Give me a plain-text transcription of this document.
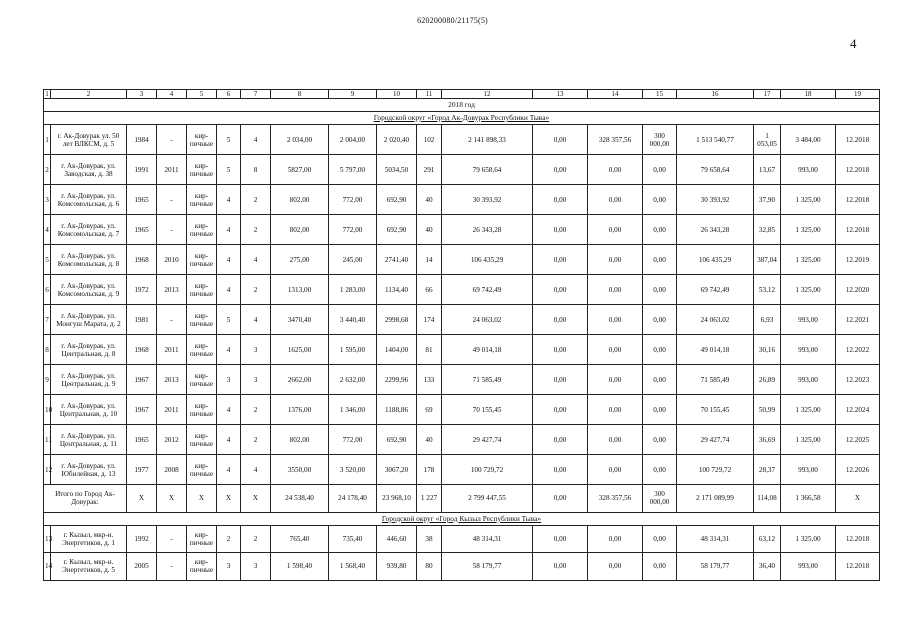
620200080/21175(5)
4
1	2	3	4	5	6	7	8	9	10	11	12	13	14	15	16	17	18	19
2018 год																		
Городской округ «Город Ак-Довурак Республики Тыва»																		
1	г. Ак-Довурак ул. 50 лет ВЛКСМ, д. 5	1984	-	кир-пичные	5	4	2 034,00	2 004,00	2 020,40	102	2 141 898,33	0,00	328 357,56	300 000,00	1 513 540,77	1 053,05	3 484,00	12.2018
2	г. Ак-Довурак, ул. Заводская, д. 38	1991	2011	кир-пичные	5	8	5827,00	5 797,00	5034,50	291	79 658,64	0,00	0,00	0,00	79 658,64	13,67	993,00	12.2018
3	г. Ак-Довурак, ул. Комсомольская, д. 6	1965	-	кир-пичные	4	2	802,00	772,00	692,90	40	30 393,92	0,00	0,00	0,00	30 393,92	37,90	1 325,00	12.2018
4	г. Ак-Довурак, ул. Комсомольская, д. 7	1965	-	кир-пичные	4	2	802,00	772,00	692,90	40	26 343,28	0,00	0,00	0,00	26 343,28	32,85	1 325,00	12.2018
5	г. Ак-Довурак, ул. Комсомольская, д. 8	1968	2010	кир-пичные	4	4	275,00	245,00	2741,40	14	106 435,29	0,00	0,00	0,00	106 435,29	387,04	1 325,00	12.2019
6	г. Ак-Довурак, ул. Комсомольская, д. 9	1972	2013	кир-пичные	4	2	1313,00	1 283,00	1134,40	66	69 742,49	0,00	0,00	0,00	69 742,49	53,12	1 325,00	12.2020
7	г. Ак-Довурак, ул. Монгуш Марата, д. 2	1981	-	кир-пичные	5	4	3470,40	3 440,40	2998,68	174	24 063,02	0,00	0,00	0,00	24 063,02	6,93	993,00	12.2021
8	г. Ак-Довурак, ул. Центральная, д. 8	1968	2011	кир-пичные	4	3	1625,00	1 595,00	1404,00	81	49 014,18	0,00	0,00	0,00	49 014,18	30,16	993,00	12.2022
9	г. Ак-Довурак, ул. Центральная, д. 9	1967	2013	кир-пичные	3	3	2662,00	2 632,00	2299,96	133	71 585,49	0,00	0,00	0,00	71 585,49	26,89	993,00	12.2023
10	г. Ак-Довурак, ул. Центральная, д. 10	1967	2011	кир-пичные	4	2	1376,00	1 346,00	1188,86	69	70 155,45	0,00	0,00	0,00	70 155,45	50,99	1 325,00	12.2024
11	г. Ак-Довурак, ул. Центральная, д. 11	1965	2012	кир-пичные	4	2	802,00	772,00	692,90	40	29 427,74	0,00	0,00	0,00	29 427,74	36,69	1 325,00	12.2025
12	г. Ак-Довурак, ул. Юбилейная, д. 13	1977	2008	кир-пичные	4	4	3550,00	3 520,00	3067,20	178	100 729,72	0,00	0,00	0,00	100 729,72	28,37	993,00	12.2026
Итого по Город Ак-Довурак:		X	X	X	X	X	24 538,40	24 178,40	23 968,10	1 227	2 799 447,55	0,00	328 357,56	300 000,00	2 171 089,99	114,08	1 366,58	X
Городской округ «Город Кызыл Республики Тыва»																		
13	г. Кызыл, мкр-н. Энергетиков, д. 1	1992	-	кир-пичные	2	2	765,40	735,40	446,60	38	48 314,31	0,00	0,00	0,00	48 314,31	63,12	1 325,00	12.2018
14	г. Кызыл, мкр-н. Энергетиков, д. 5	2005	-	кир-пичные	3	3	1 598,40	1 568,40	939,80	80	58 179,77	0,00	0,00	0,00	58 179,77	36,40	993,00	12.2018
